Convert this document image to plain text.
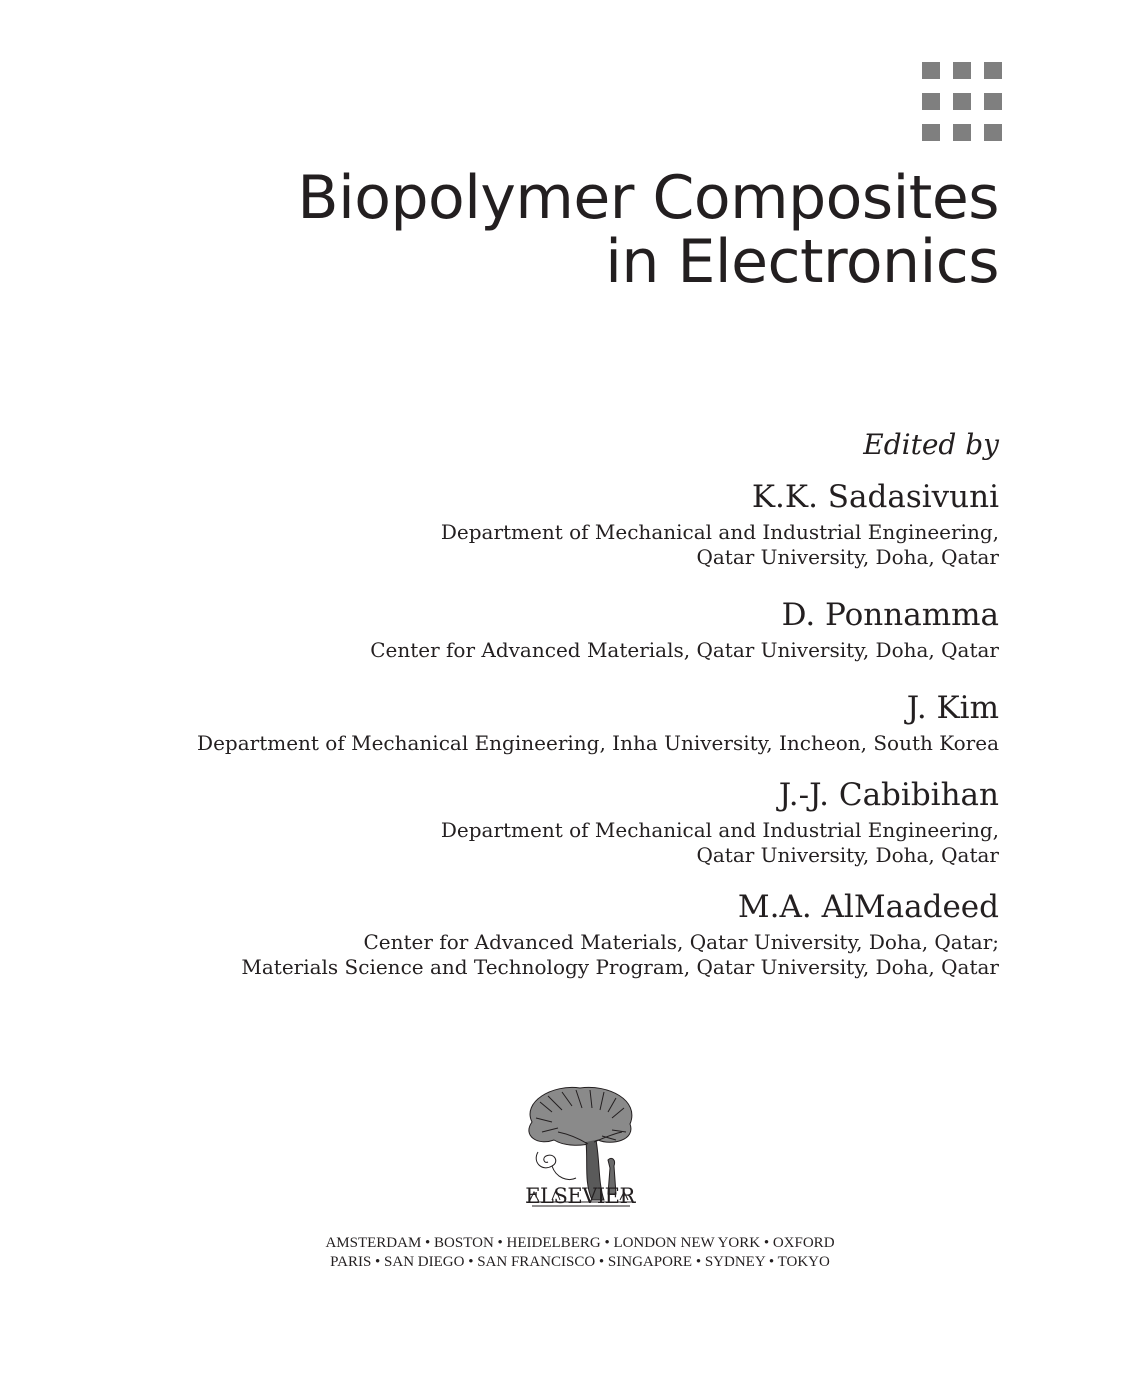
Biopolymer Composites
in Electronics

Edited by

K.K. Sadasivuni

Department of Mechanical and Industrial Engineering,

Qatar University, Doha, Qatar

D. Ponnamma

Center for Advanced Materials, Qatar University, Doha, Qatar

J. Kim

Department of Mechanical Engineering, Inha University, Incheon, South Korea

J.-J. Cabibihan

Department of Mechanical and Industrial Engineering,

Qatar University, Doha, Qatar

M.A. AlMaadeed

Center for Advanced Materials, Qatar University, Doha, Qatar;

Materials Science and Technology Program, Qatar University, Doha, Qatar

ELSEVIER

AMSTERDAM • BOSTON • HEIDELBERG • LONDON NEW YORK • OXFORD
PARIS • SAN DIEGO • SAN FRANCISCO • SINGAPORE • SYDNEY • TOKYO
